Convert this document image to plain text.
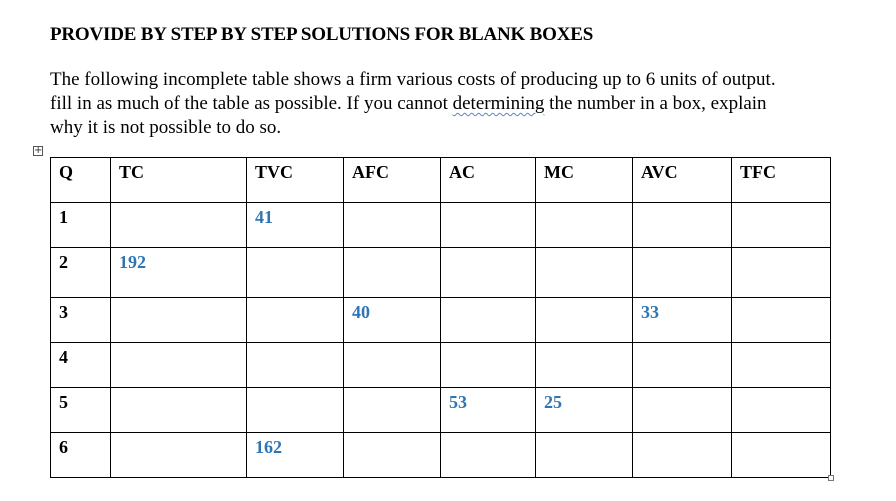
PROVIDE BY STEP BY STEP SOLUTIONS FOR BLANK BOXES
The following incomplete table shows a firm various costs of producing up to 6 units of output.
fill in as much of the table as possible. If you cannot determining the number in a box, explain
why it is not possible to do so.
+
Q	TC	TVC	AFC	AC	MC	AVC	TFC
1		41					
2	192						
3			40			33	
4							
5				53	25		
6		162					
